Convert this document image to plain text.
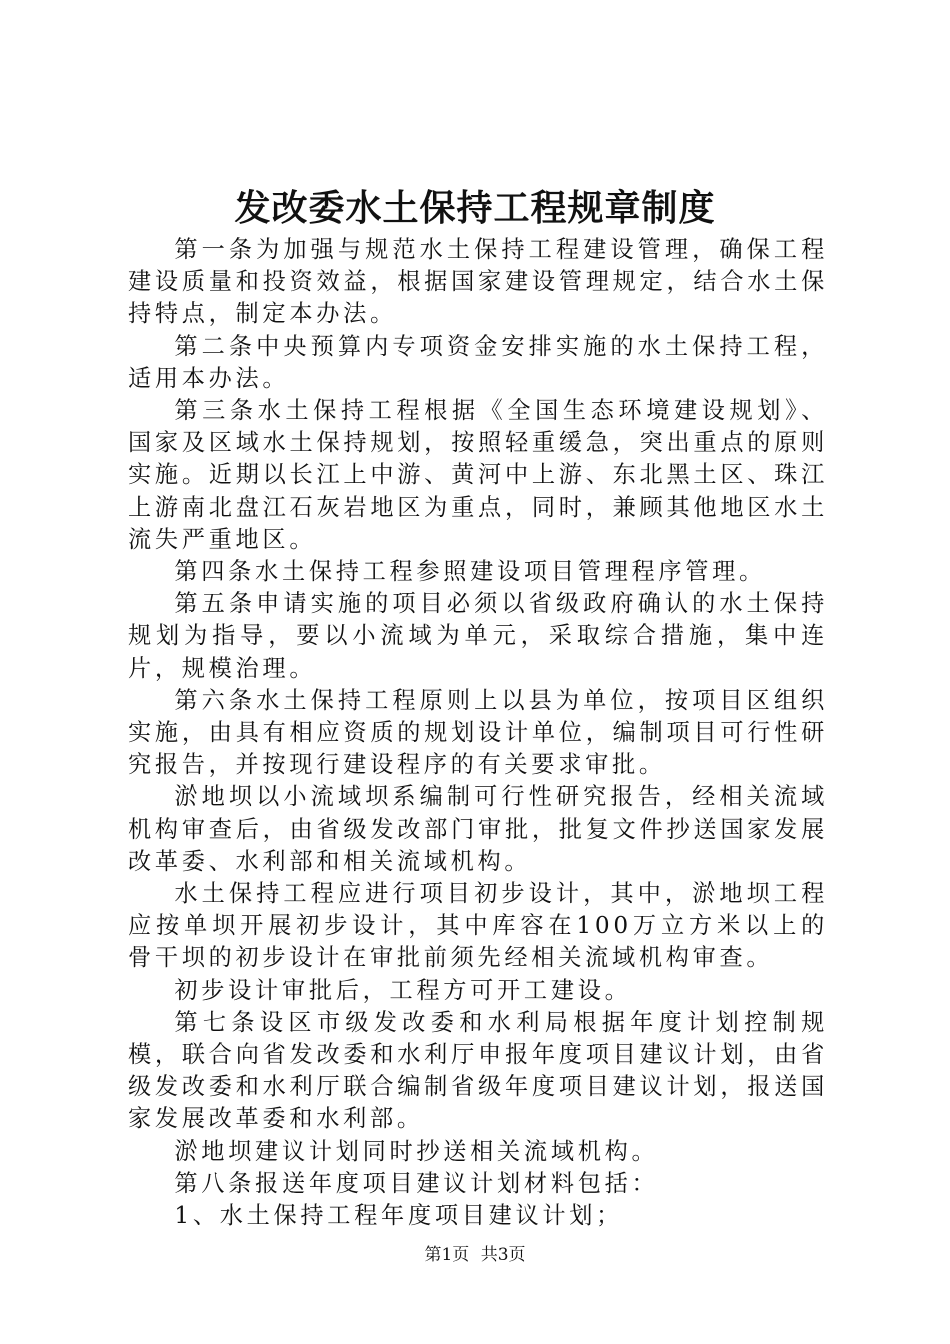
发改委水土保持工程规章制度

第一条为加强与规范水土保持工程建设管理，确保工程建设质量和投资效益，根据国家建设管理规定，结合水土保持特点，制定本办法。

第二条中央预算内专项资金安排实施的水土保持工程，适用本办法。

第三条水土保持工程根据《全国生态环境建设规划》、国家及区域水土保持规划，按照轻重缓急，突出重点的原则实施。近期以长江上中游、黄河中上游、东北黑土区、珠江上游南北盘江石灰岩地区为重点，同时，兼顾其他地区水土流失严重地区。

第四条水土保持工程参照建设项目管理程序管理。

第五条申请实施的项目必须以省级政府确认的水土保持规划为指导，要以小流域为单元，采取综合措施，集中连片，规模治理。

第六条水土保持工程原则上以县为单位，按项目区组织实施，由具有相应资质的规划设计单位，编制项目可行性研究报告，并按现行建设程序的有关要求审批。

淤地坝以小流域坝系编制可行性研究报告，经相关流域机构审查后，由省级发改部门审批，批复文件抄送国家发展改革委、水利部和相关流域机构。

水土保持工程应进行项目初步设计，其中，淤地坝工程应按单坝开展初步设计，其中库容在100万立方米以上的骨干坝的初步设计在审批前须先经相关流域机构审查。

初步设计审批后，工程方可开工建设。

第七条设区市级发改委和水利局根据年度计划控制规模，联合向省发改委和水利厅申报年度项目建议计划，由省级发改委和水利厅联合编制省级年度项目建议计划，报送国家发展改革委和水利部。

淤地坝建议计划同时抄送相关流域机构。

第八条报送年度项目建议计划材料包括：

1、水土保持工程年度项目建议计划；

第1页 共3页
